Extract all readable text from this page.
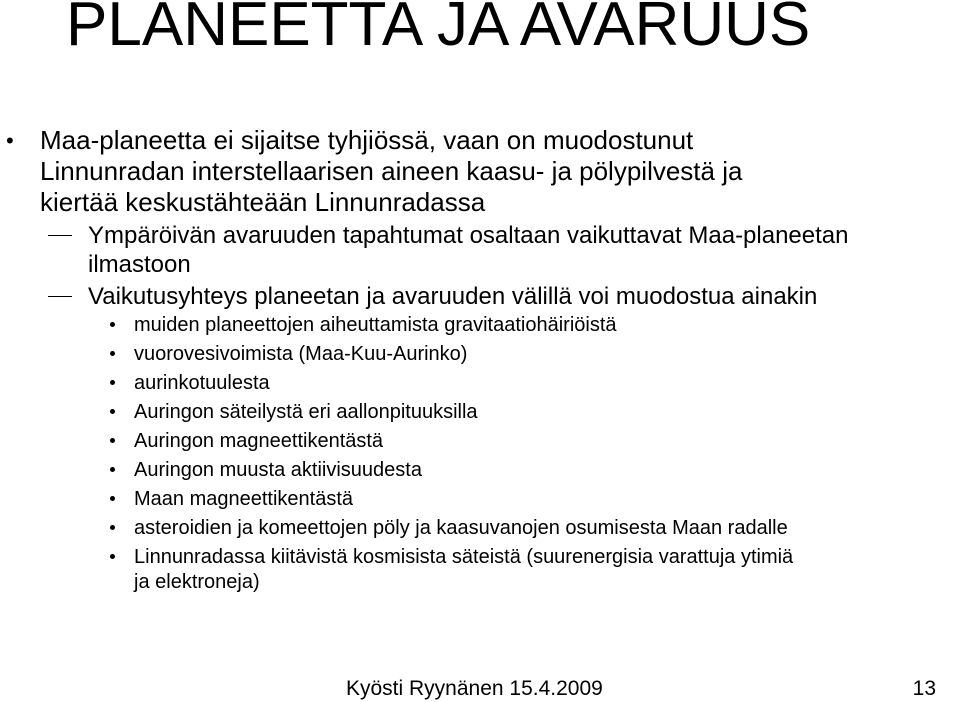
PLANEETTA JA AVARUUS
• Maa-planeetta ei sijaitse tyhjiössä, vaan on muodostunut
Linnunradan interstellaarisen aineen kaasu- ja pölypilvestä ja
kiertää keskustähteään Linnunradassa
Ympäröivän avaruuden tapahtumat osaltaan vaikuttavat Maa-planeetan
ilmastoon
Vaikutusyhteys planeetan ja avaruuden välillä voi muodostua ainakin
muiden planeettojen aiheuttamista gravitaatiohäiriöistä
vuorovesivoimista (Maa-Kuu-Aurinko)
aurinkotuulesta
Auringon säteilystä eri aallonpituuksilla
Auringon magneettikentästä
Auringon muusta aktiivisuudesta
Maan magneettikentästä
asteroidien ja komeettojen pöly ja kaasuvanojen osumisesta Maan radalle
Linnunradassa kiitävistä kosmisista säteistä (suurenergisia varattuja ytimiä
ja elektroneja)
Kyösti Ryynänen 15.4.2009	13
